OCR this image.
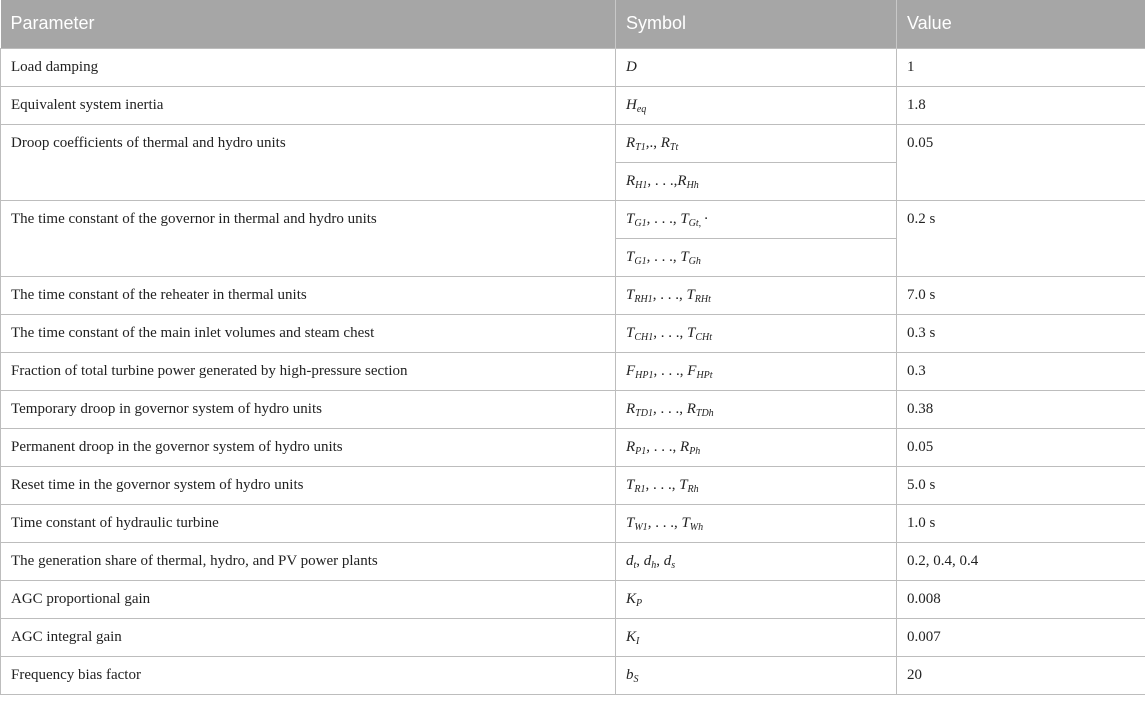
Parameter	Symbol	Value
Load damping	D	1
Equivalent system inertia	$H_{eq}$	1.8
Droop coefficients of thermal and hydro units	$R_{T1}$,., $R_{Tt}$	0.05
	$R_{H1}$, . . $.,R_{Hh}$
The time constant of the governor in thermal and hydro units	$T_{G1}$, . . ., $T_{Gt,}$ ·	0.2 s
	$T_{G1}$, . . ., $T_{Gh}$
The time constant of the reheater in thermal units	$T_{RH1}$, . . ., $T_{RHt}$	7.0 s
The time constant of the main inlet volumes and steam chest	$T_{CH1}$, . . ., $T_{CHt}$	0.3 s
Fraction of total turbine power generated by high-pressure section	$F_{HP1}$, . . ., $F_{HPt}$	0.3
Temporary droop in governor system of hydro units	$R_{TD1}$, . . ., $R_{TDh}$	0.38
Permanent droop in the governor system of hydro units	$R_{P1}$, . . ., $R_{Ph}$	0.05
Reset time in the governor system of hydro units	$T_{R1}$, . . ., $T_{Rh}$	5.0 s
Time constant of hydraulic turbine	$T_{W1}$, . . ., $T_{Wh}$	1.0 s
The generation share of thermal, hydro, and PV power plants	$d_t$, $d_h$, $d_s$	0.2, 0.4, 0.4
AGC proportional gain	$K_P$	0.008
AGC integral gain	$K_I$	0.007
Frequency bias factor	$b_S$	20
